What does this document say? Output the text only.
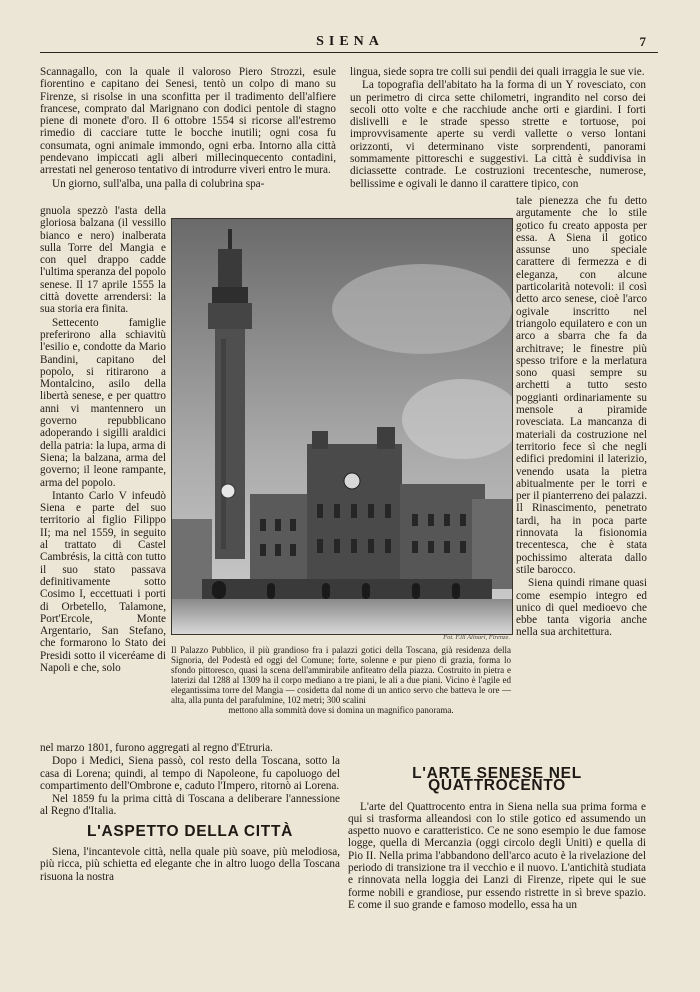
SIENA	7

Scannagallo, con la quale il valoroso Piero Strozzi, esule fiorentino e capitano dei Senesi, tentò un colpo di mano su Firenze, si risolse in una sconfitta per il tradimento dell'alfiere francese, comprato dal Marignano con dodici pentole di stagno piene di monete d'oro. Il 6 ottobre 1554 si ricorse all'estremo rimedio di cacciare tutte le bocche inutili; ogni cosa fu consumata, ogni animale immondo, ogni erba. Intorno alla città pendevano impiccati agli alberi millecinquecento contadini, arrestati nel generoso tentativo di introdurre viveri entro le mura.

Un giorno, sull'alba, una palla di colubrina spa-

lingua, siede sopra tre colli sui pendii dei quali irraggia le sue vie.

La topografia dell'abitato ha la forma di un Y rovesciato, con un perimetro di circa sette chilometri, ingrandito nel corso dei secoli otto volte e che racchiude anche orti e giardini. I forti dislivelli e le strade spesso strette e tortuose, poi improvvisamente aperte su verdi vallette o verso lontani orizzonti, vi determinano viste sorprendenti, panorami sommamente pittoreschi e suggestivi. La città è suddivisa in diciassette contrade. Le costruzioni trecentesche, numerose, bellissime e ogivali le danno il carattere tipico, con

gnuola spezzò l'asta della gloriosa balzana (il vessillo bianco e nero) inalberata sulla Torre del Mangia e con quel drappo cadde l'ultima speranza del popolo senese. Il 17 aprile 1555 la città dovette arrendersi: la sua storia era finita.

Settecento famiglie preferirono alla schiavitù l'esilio e, condotte da Mario Bandini, capitano del popolo, si ritirarono a Montalcino, asilo della libertà senese, e per quattro anni vi mantennero un governo repubblicano adoperando i sigilli araldici della patria: la lupa, arma di Siena; la balzana, arma del governo; il leone rampante, arma del popolo.

Intanto Carlo V infeudò Siena e parte del suo territorio al figlio Filippo II; ma nel 1559, in seguito al trattato di Castel Cambrésis, la città con tutto il suo stato passava definitivamente sotto Cosimo I, eccettuati i porti di Orbetello, Talamone, Port'Ercole, Monte Argentario, San Stefano, che formarono lo Stato dei Presidi sotto il viceréame di Napoli e che, solo

tale pienezza che fu detto argutamente che lo stile gotico fu creato apposta per essa. A Siena il gotico assunse uno speciale carattere di fermezza e di eleganza, con alcune particolarità notevoli: il così detto arco senese, cioè l'arco ogivale inscritto nel triangolo equilatero e con un arco a sbarra che fa da architrave; le finestre più spesso trifore e la merlatura sono quasi sempre su archetti a tutto sesto poggianti ordinariamente su mensole a piramide rovesciata. La mancanza di materiali da costruzione nel territorio fece sì che negli edifici predomini il laterizio, venendo usata la pietra abitualmente per le torri e per il pianterreno dei palazzi. Il Rinascimento, penetrato tardi, ha in poca parte rinnovata la fisionomia trecentesca, che è stata pochissimo alterata dallo stile barocco.

Siena quindi rimane quasi come esempio integro ed unico di quel medioevo che ebbe tanta vigoria anche nella sua architettura.

Fot. F.lli Alinari, Firenze.
Il Palazzo Pubblico, il più grandioso fra i palazzi gotici della Toscana, già residenza della Signoria, del Podestà ed oggi del Comune; forte, solenne e pur pieno di grazia, forma lo sfondo pittoresco, quasi la scena dell'ammirabile anfiteatro della piazza. Costruito in pietra e laterizi dal 1288 al 1309 ha il corpo mediano a tre piani, le ali a due piani. Vicino è l'agile ed elegantissima torre del Mangia — cosidetta dal nome di un antico servo che batteva le ore — alta, alla punta del parafulmine, 102 metri; 300 scalini
mettono alla sommità dove si domina un magnifico panorama.

nel marzo 1801, furono aggregati al regno d'Etruria.

Dopo i Medici, Siena passò, col resto della Toscana, sotto la casa di Lorena; quindi, al tempo di Napoleone, fu capoluogo del compartimento dell'Ombrone e, caduto l'Impero, ritornò ai Lorena.

Nel 1859 fu la prima città di Toscana a deliberare l'annessione al Regno d'Italia.

L'ASPETTO DELLA CITTÀ

Siena, l'incantevole città, nella quale più soave, più melodiosa, più ricca, più schietta ed elegante che in altro luogo della Toscana risuona la nostra

L'ARTE SENESE NEL QUATTROCENTO

L'arte del Quattrocento entra in Siena nella sua prima forma e qui si trasforma alleandosi con lo stile gotico ed assumendo un aspetto nuovo e caratteristico. Ce ne sono esempio le due famose logge, quella di Mercanzia (oggi circolo degli Uniti) e quella di Pio II. Nella prima l'abbandono dell'arco acuto è la rivelazione del periodo di transizione tra il vecchio e il nuovo. L'antichità studiata e rinnovata nella loggia dei Lanzi di Firenze, ripete qui le sue forme nobili e grandiose, pur essendo ristrette in sì breve spazio. E come il suo grande e famoso modello, essa ha un
